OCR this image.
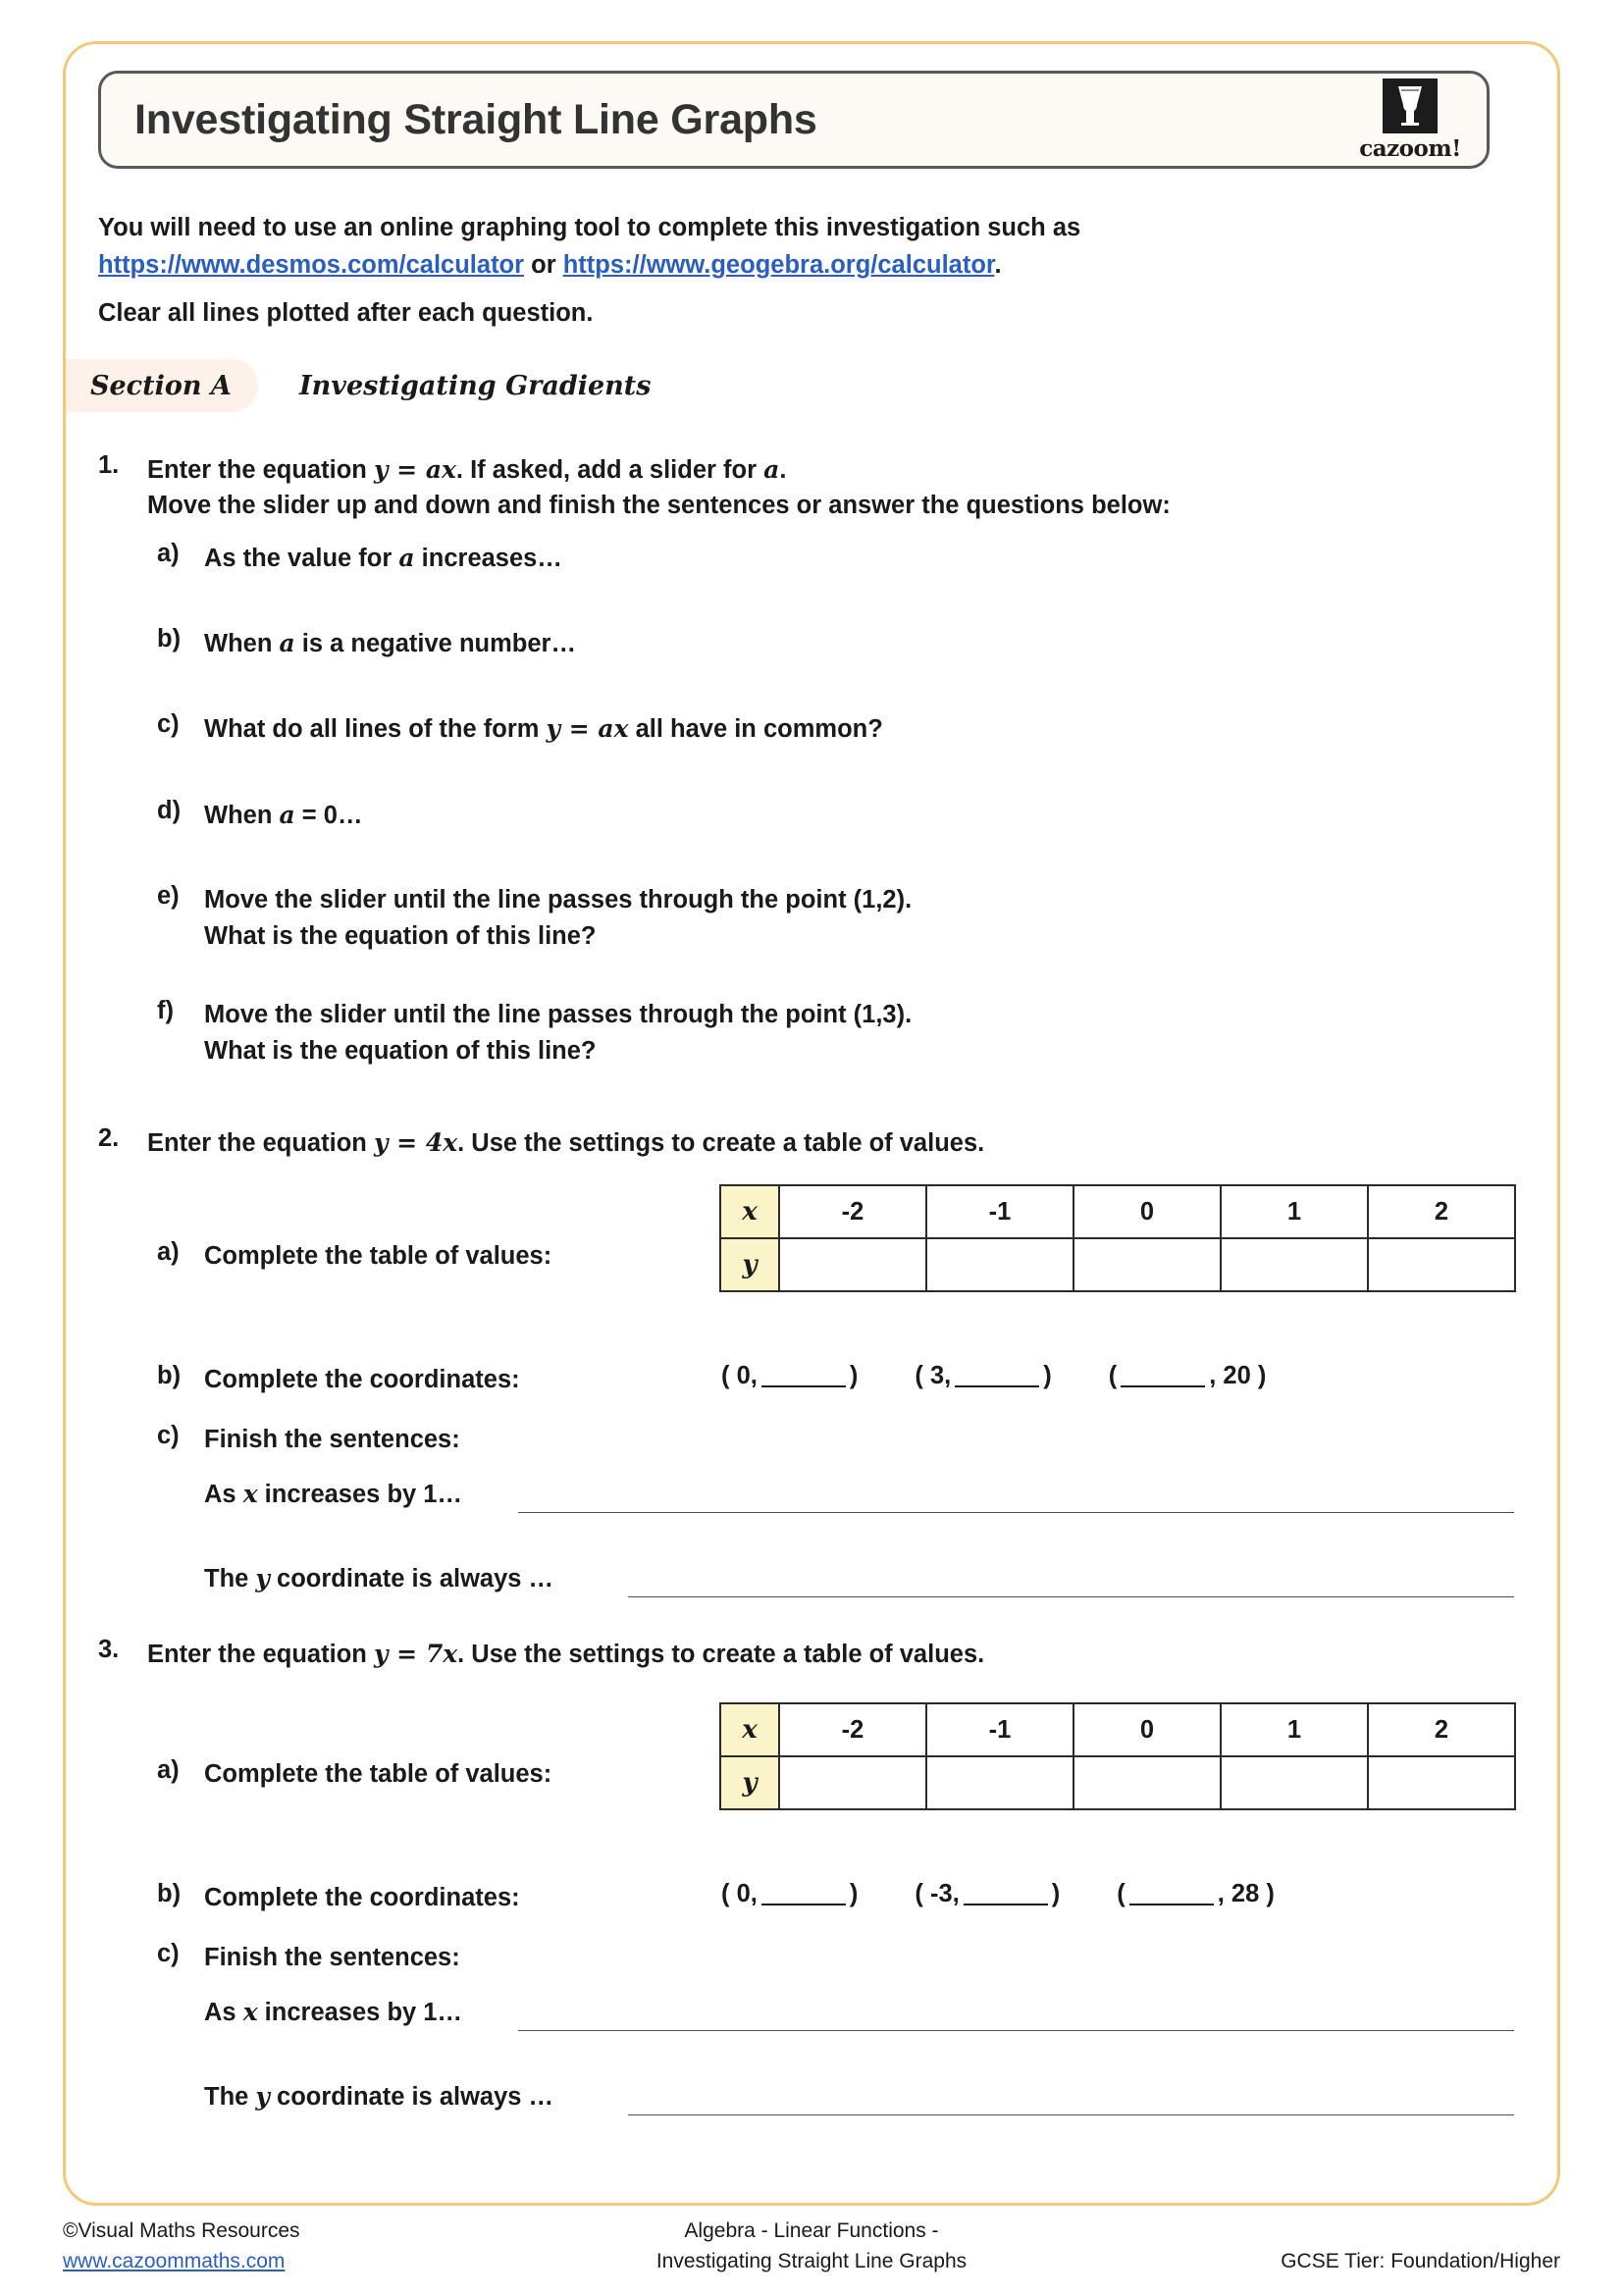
Investigating Straight Line Graphs
cazoom!
You will need to use an online graphing tool to complete this investigation such as
https://www.desmos.com/calculator or https://www.geogebra.org/calculator.
Clear all lines plotted after each question.
Section A	Investigating Gradients
1. Enter the equation y = ax. If asked, add a slider for a.
Move the slider up and down and finish the sentences or answer the questions below:
a) As the value for a increases…
b) When a is a negative number…
c) What do all lines of the form y = ax all have in common?
d) When a = 0…
e) Move the slider until the line passes through the point (1,2).
What is the equation of this line?
f) Move the slider until the line passes through the point (1,3).
What is the equation of this line?
2. Enter the equation y = 4x. Use the settings to create a table of values.
a) Complete the table of values:
x	-2	-1	0	1	2
y					
b) Complete the coordinates:	( 0,	) ( 3,	) (	, 20 )
c) Finish the sentences:
As x increases by 1…
The y coordinate is always …
3. Enter the equation y = 7x. Use the settings to create a table of values.
a) Complete the table of values:
x	-2	-1	0	1	2
y					
b) Complete the coordinates:	( 0,	) ( -3,	) (	, 28 )
c) Finish the sentences:
As x increases by 1…
The y coordinate is always …
©Visual Maths Resources
www.cazoommaths.com
Algebra - Linear Functions -
Investigating Straight Line Graphs	GCSE Tier: Foundation/Higher
